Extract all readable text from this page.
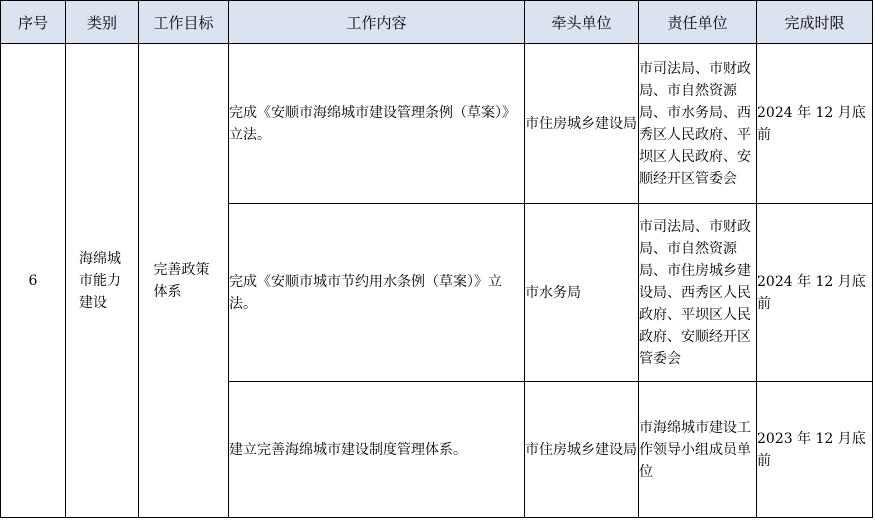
序号	类别	工作目标	工作内容	牵头单位	责任单位	完成时限
6	海绵城市能力建设	完善政策体系	完成《安顺市海绵城市建设管理条例（草案）》立法。	市住房城乡建设局	市司法局、市财政局、市自然资源局、市水务局、西秀区人民政府、平坝区人民政府、安顺经开区管委会	2024 年 12 月底前
			完成《安顺市城市节约用水条例（草案）》立法。	市水务局	市司法局、市财政局、市自然资源局、市住房城乡建设局、西秀区人民政府、平坝区人民政府、安顺经开区管委会	2024 年 12 月底前
			建立完善海绵城市建设制度管理体系。	市住房城乡建设局	市海绵城市建设工作领导小组成员单位	2023 年 12 月底前
